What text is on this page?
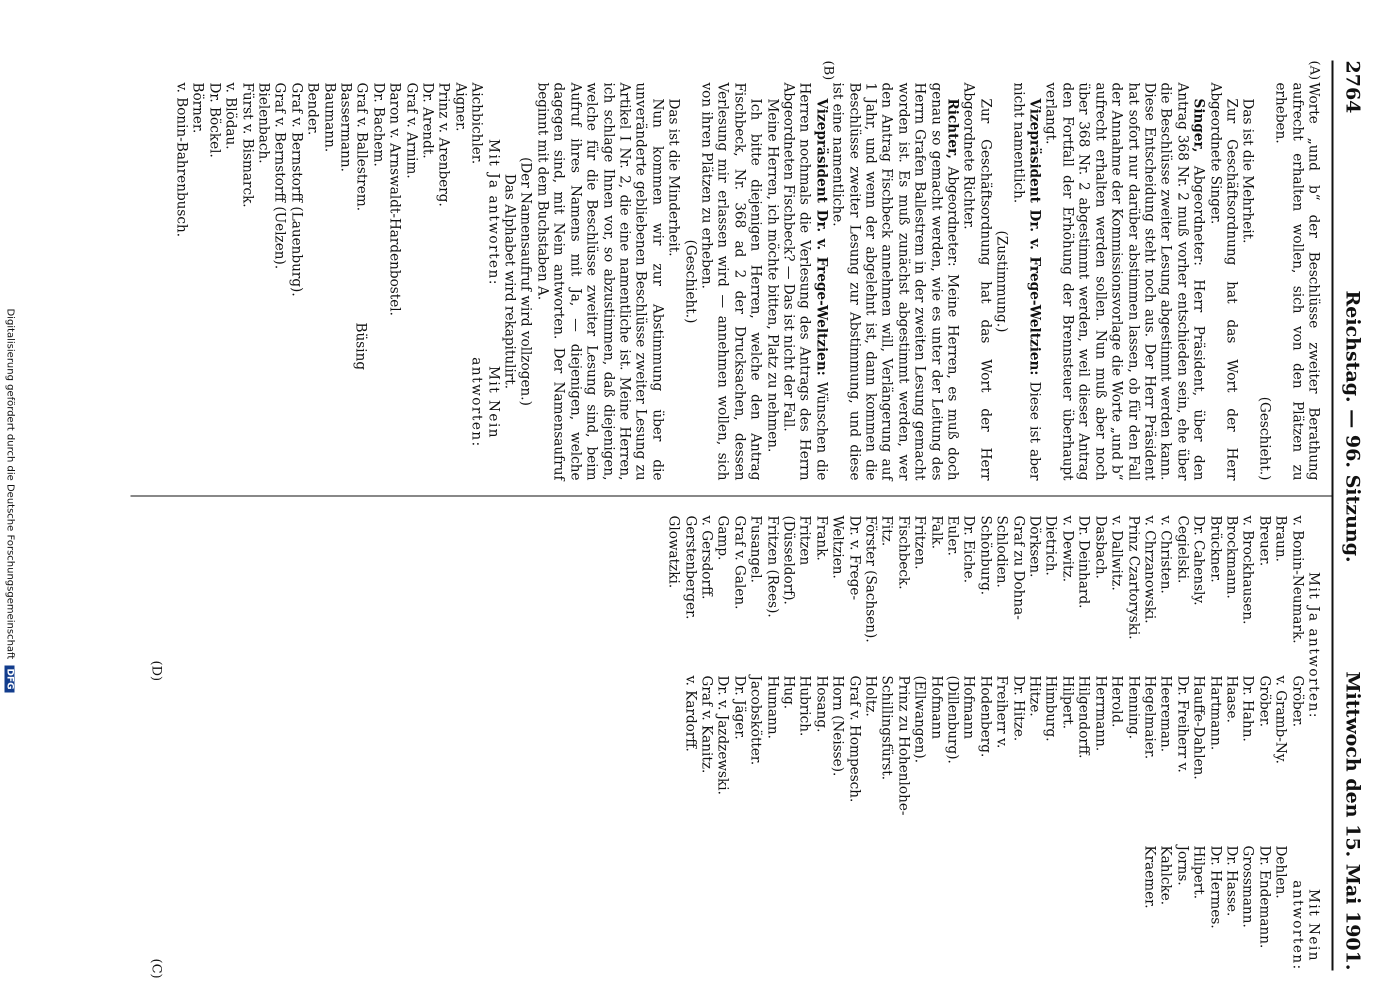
2764
Reichstag. — 96. Sitzung.
Mittwoch den 15. Mai 1901.
(A)
(B)
(C)
(D)

Worte „und b“ der Beschlüsse zweiter Berathung aufrecht erhalten wollen, sich von den Plätzen zu erheben.

(Geschieht.)

Das ist die Mehrheit.

Zur Geschäftsordnung hat das Wort der Herr Abgeordnete Singer.

Singer, Abgeordneter: Herr Präsident, über den Antrag 368 Nr. 2 muß vorher entschieden sein, ehe über die Beschlüsse zweiter Lesung abgestimmt werden kann. Diese Entscheidung steht noch aus. Der Herr Präsident hat sofort nur darüber abstimmen lassen, ob für den Fall der Annahme der Kommissionsvorlage die Worte „und b“ aufrecht erhalten werden sollen. Nun muß aber noch über 368 Nr. 2 abgestimmt werden, weil dieser Antrag den Fortfall der Erhöhung der Brennsteuer überhaupt verlangt.

Vizepräsident Dr. v. Frege-Weltzien: Diese ist aber nicht namentlich.

(Zustimmung.)

Zur Geschäftsordnung hat das Wort der Herr Abgeordnete Richter.

Richter, Abgeordneter: Meine Herren, es muß doch genau so gemacht werden, wie es unter der Leitung des Herrn Grafen Ballestrem in der zweiten Lesung gemacht worden ist. Es muß zunächst abgestimmt werden, wer den Antrag Fischbeck annehmen will, Verlängerung auf 1 Jahr, und wenn der abgelehnt ist, dann kommen die Beschlüsse zweiter Lesung zur Abstimmung, und diese ist eine namentliche.

Vizepräsident Dr. v. Frege-Weltzien: Wünschen die Herren nochmals die Verlesung des Antrags des Herrn Abgeordneten Fischbeck? — Das ist nicht der Fall.

Meine Herren, ich möchte bitten, Platz zu nehmen.

Ich bitte diejenigen Herren, welche den Antrag Fischbeck, Nr. 368 ad 2 der Drucksachen, dessen Verlesung mir erlassen wird — annehmen wollen, sich von ihren Plätzen zu erheben.

(Geschieht.)

Das ist die Minderheit.

Nun kommen wir zur Abstimmung über die unveränderte gebliebenen Beschlüsse zweiter Lesung zu Artikel I Nr. 2, die eine namentliche ist. Meine Herren, ich schlage Ihnen vor, so abzustimmen, daß diejenigen, welche für die Beschlüsse zweiter Lesung sind, beim Aufruf ihres Namens mit Ja, — diejenigen, welche dagegen sind, mit Nein antworten. Der Namensaufruf beginnt mit dem Buchstaben A.

(Der Namensaufruf wird vollzogen.)

Das Alphabet wird rekapitulirt.

Mit Ja antworten:

Aichbichler.
Aigner.
Prinz v. Arenberg.
Dr. Arendt.
Graf v. Arnim.
Baron v. Arnswaldt-Hardenbostel.
Dr. Bachem.
Graf v. Ballestrem.
Bassermann.
Baumann.
Bender.
Graf v. Bernstorff (Lauenburg).
Graf v. Bernstorff (Uelzen).
Bielenbach.
Fürst v. Bismarck.
v. Blödau.
Dr. Böckel.
Börner.
v. Bonin-Bahrenbusch.

Mit Nein antworten:

Büsing

Mit Ja antworten:

v. Bonin-Neumark.
Braun.
Breuer.
v. Brockhausen.
Brockmann.
Brückner.
Dr. Cahensly.
Cegielski.
v. Christen.
v. Chrzanowski.
Prinz Czartoryski.
v. Dallwitz.
Dasbach.
Dr. Deinhard.
v. Dewitz.
Dietrich.
Dörksen.
Graf zu Dohna-Schlodien.
Schönburg.
Dr. Eiche.
Euler.
Falk.
Fritzen.
Fischbeck.
Fitz.
Förster (Sachsen).
Dr. v. Frege-Weltzien.
Frank.
Fritzen (Düsseldorf).
Fritzen (Rees).
Fusangel.
Graf v. Galen.
Gamp.
v. Gersdorff.
Gerstenberger.
Glowatzki.
Gröber.
v. Gramb-Ny.
Gröber.
Dr. Hahn.
Haase.
Hartmann.
Hauffe-Dahlen.
Dr. Freiherr v. Heereman.
Hegelmaier.
Henning.
Herold.
Herrmann.
Hilgendorff.
Hilpert.
Himburg.
Hitze.
Dr. Hitze.
Freiherr v. Hodenberg.
Hofmann (Dillenburg).
Hofmann (Ellwangen).
Prinz zu Hohenlohe-Schillingsfürst.
Holtz.
Graf v. Hompesch.
Horn (Neisse).
Hosang.
Hubrich.
Hug.
Humann.
Jacobskötter.
Dr. Jäger.
Dr. v. Jazdzewski.
Graf v. Kanitz.
v. Kardorff.

Mit Nein antworten:

Dehlen.
Dr. Endemann.
Grossmann.
Dr. Hasse.
Dr. Hermes.
Hilpert.
Jorns.
Kahlcke.
Kraemer.
Digitalisierung gefördert durch die Deutsche Forschungsgemeinschaft DFG
